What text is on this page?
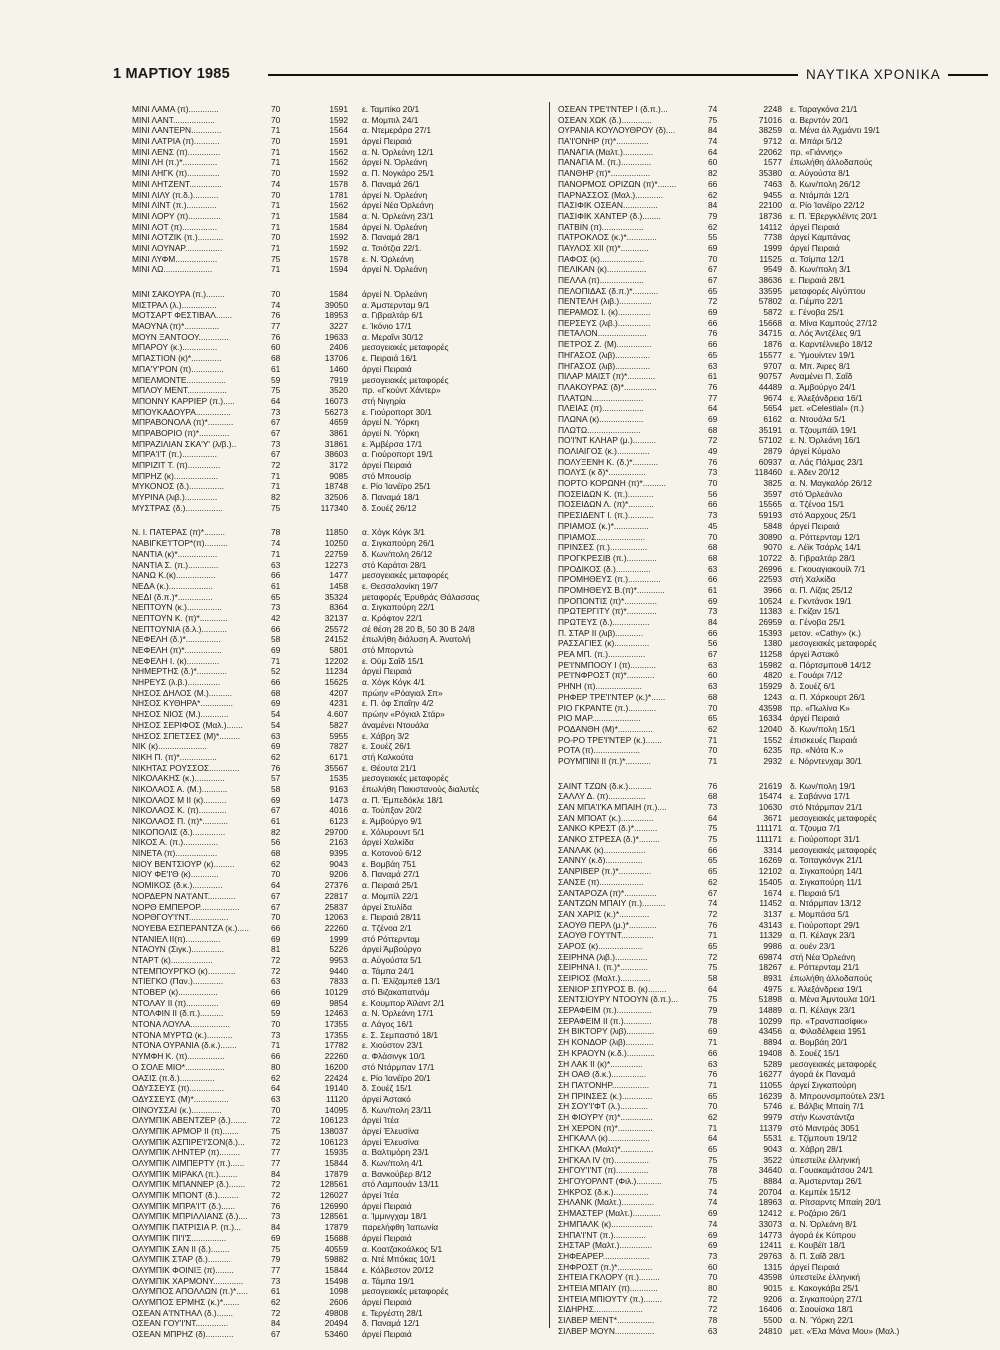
1 ΜΑΡΤΙΟΥ 1985	ΝΑΥΤΙΚΑ ΧΡΟΝΙΚΑ
ΜΙΝΙ ΛΑΜΑ (π).............	70	1591 ε. Ταμπίκο 20/1
ΜΙΝΙ ΛΑΝΤ..................	70	1592 α. Μομπιλ 24/1
ΜΙΝΙ ΛΑΝΤΕΡΝ.............	71	1564 α. Ντεμεράρα 27/1
ΜΙΝΙ ΛΑΤΡΙΑ (π)...........	70	1591 άργεί Πειραιά
ΜΙΝΙ ΛΕΝΣ (π)..............	71	1562 α. Ν. Όρλεάνη 12/1
ΜΙΝΙ ΛΗ (π.)*...............	71	1562 άργεί Ν. Όρλεάνη
ΜΙΝΙ ΛΗΓΚ (π)..............	70	1592 α. Π. Νογκάρο 25/1
ΜΙΝΙ ΛΗΤΖΕΝΤ..............	74	1578 δ. Παναμά 26/1
ΜΙΝΙ ΛΙΛΥ (π.δ.)...........	70	1781 άργεί Ν. Όρλεάνη
ΜΙΝΙ ΛΙΝΤ (π.).............	71	1562 άργεί Νέα Όρλεάνη
ΜΙΝΙ ΛΟΡΥ (π)..............	71	1584 α. Ν. Όρλεάνη 23/1
ΜΙΝΙ ΛΟΤ (π)...............	71	1584 άργεί Ν. Όρλεάνη
ΜΙΝΙ ΛΟΤΖΙΚ (π.)...........	70	1592 δ. Παναμά 28/1
ΜΙΝΙ ΛΟΥΝΑΡ................	71	1592 α. Τσιότζια 22/1.
ΜΙΝΙ ΛΥΦΜ..................	75	1578 ε. Ν. Όρλεάνη
ΜΙΝΙ ΛΩ.....................	71	1594 άργεί Ν. Όρλεάνη
ΜΙΝΙ ΣΑΚΟΥΡΑ (π.)........	70	1584 άργεί Ν. Όρλεάνη
ΜΙΣΤΡΑΛ (λ.)...............	74	39050 α. Άμστερνταμ 9/1
ΜΟΤΣΑΡΤ ΦΕΣΤΙΒΑΛ.......	76	18953 α. Γιβραλτάρ 6/1
ΜΑΟΥΝΑ (π)*...............	77	3227 ε. Ίκόνιο 17/1
ΜΟΥΝ ΞΑΝΤΟΟΥ.............	76	19633 α. Μεραΐνι 30/12
ΜΠΑΡΟΥ (κ.)...............	60	2406 μεσογειακές μεταφορές
ΜΠΑΣΤΙΟΝ (κ)*.............	68	13706 ε. Πειραιά 16/1
ΜΠΑ'Υ'ΡΟΝ (π)..............	61	1460 άργεί Πειραιά
ΜΠΕΛΜΟΝΤΕ.................	59	7919 μεσογειακές μεταφορές
ΜΠΛΟΥ ΜΕΝΤ.................	75	3520 πρ. «Γκούντ Χάντερ»
ΜΠΟΝΝΥ ΚΑΡΡΙΕΡ (π.).....	64	16073 στή Νιγηρία
ΜΠΟΥΚΑΔΟΥΡΑ...............	73	56273 ε. Γιούροπορτ 30/1
ΜΠΡΑΒΟΝΟΛΑ (π)*...........	67	4659 άργεί Ν. Ύόρκη
ΜΠΡΑΒΟΡΙΟ (π)*.............	67	3861 άργεί Ν. Ύόρκη
ΜΠΡΑΖΙΛΙΑΝ ΣΚΑ'Υ' (λ/β.)..	73	31861 ε. Άμβέρσα 17/1
ΜΠΡΑ'Ι'Τ (π.)...............	67	38603 α. Γιούροπορτ 19/1
ΜΠΡΙΖΙΤ Τ. (π)..............	72	3172 άργεί Πειραιά
ΜΠΡΗΖ (κ)...................	71	9085 στό Μπουσίρ
ΜΥΚΟΝΟΣ (δ.)...............	71	18748 ε. Ρίο Ίανέϊρο 25/1
ΜΥΡΙΝΑ (λιβ.)..............	82	32506 δ. Παναμά 18/1
ΜΥΣΤΡΑΣ (δ.)................	75	117340 δ. Σουέζ 26/12
Ν. Ι. ΠΑΤΕΡΑΣ (π)*.........	78	11850 α. Χόγκ Κόγκ 3/1
ΝΑΒΙΓΚΕ'Ι'ΤΟΡ*(π)..........	74	10250 α. Σιγκαπούρη 26/1
ΝΑΝΤΙΑ (κ)*.................	71	22759 δ. Κων/πολη 26/12
ΝΑΝΤΙΑ Σ. (π.).............	63	12273 στό Καράτσι 28/1
ΝΑΝΩ Κ.(κ).................	66	1477 μεσογειακές μεταφορές
ΝΕΔΑ (κ.)...................	61	1458 ε. Θεσσαλονίκη 19/7
ΝΕΔΙ (δ.π.)*...............	65	35324 μεταφορές Έρυθράς Θάλασσας
ΝΕΠΤΟΥΝ (κ.)...............	73	8364 α. Σιγκαπούρη 22/1
ΝΕΠΤΟΥΝ Κ. (π)*............	42	32137 α. Κρόφτον 22/1
ΝΕΠΤΟΥΝΙΑ (δ.λ.)...........	66	25572 σέ θέση 28 20 Β, 50 30 Β 24/8
ΝΕΦΕΛΗ (δ.)*...............	58	24152 έπωλήθη διάλυση Α. Άνατολή
ΝΕΦΕΛΗ (π)*................	69	5801 στό Μπορντώ
ΝΕΦΕΛΗ Ι. (κ)..............	71	12202 ε. Οϋμ Σαΐδ 15/1
ΝΗΜΕΡΤΗΣ (δ.)*.............	52	11234 άργεί Πειραιά
ΝΗΡΕΥΣ (λ.β.)..............	66	15625 α. Χόγκ Κόγκ 4/1
ΝΗΣΟΣ ΔΗΛΟΣ (Μ.)..........	68	4207 πρώην «Ρόαγιαλ Σπ»
ΝΗΣΟΣ ΚΥΘΗΡΑ*..............	69	4231 ε. Π. όφ Σπαΐην 4/2
ΝΗΣΟΣ ΝΙΟΣ (Μ.)............	54	4.607 πρώην «Ρόγιαλ Στάρ»
ΝΗΣΟΣ ΣΕΡΙΦΟΣ (Μαλ.).......	54	5827 άναμένει Ντουάλα
ΝΗΣΟΣ ΣΠΕΤΣΕΣ (Μ)*.........	63	5955 ε. Χάβρη 3/2
ΝΙΚ (κ).....................	69	7827 ε. Σουέζ 26/1
ΝΙΚΗ Π. (π)*................	62	6171 στή Καλκούτα
ΝΙΚΗΤΑΣ ΡΟΥΣΣΟΣ.............	76	35567 ε. Θέουτα 21/1
ΝΙΚΟΛΑΚΗΣ (κ.).............	57	1535 μεσογειακές μεταφορές
ΝΙΚΟΛΑΟΣ Α. (Μ.)...........	58	9163 έπωλήθη Πακιστανούς διαλυτές
ΝΙΚΟΛΑΟΣ Μ ΙΙ (κ)..........	69	1473 α. Π. Έμπεδόκλε 18/1
ΝΙΚΟΛΑΟΣ Κ. (π)............	67	4016 α. Τούπξαν 20/2
ΝΙΚΟΛΑΟΣ Π. (π)*...........	61	6123 ε. Άμβούργο 9/1
ΝΙΚΟΠΟΛΙΣ (δ.)..............	82	29700 ε. Χόλυρουντ 5/1
ΝΙΚΟΣ Α. (π.)...............	56	2163 άργεί Χαλκίδα
ΝΙΝΕΤΑ (π)..................	68	9395 α. Κοτονού 6/12
ΝΙΟΥ ΒΕΝΤΣΙΟΥΡ (κ).........	62	9043 ε. Βομβάη 751
ΝΙΟΥ ΦΕ'Ι'Θ (κ)............	70	9206 δ. Παναμά 27/1
ΝΟΜΙΚΟΣ (δ.κ.).............	64	27376 α. Πειραιά 25/1
ΝΟΡΔΕΡΝ ΝΑ'Ι'ΑΝΤ............	67	22817 α. Μομπίλ 22/1
ΝΟΡΘ ΕΜΠΕΡΟΡ.................	67	25837 άργεί Στυλίδα
ΝΟΡΘΓΟΥ'Ι'ΝΤ.................	70	12063 ε. Πειραιά 28/11
ΝΟΥΕΒΑ ΕΣΠΕΡΑΝΤΖΑ (κ.).....	66	22260 α. Τζένοα 2/1
ΝΤΑΝΙΕΛ ΙΙ(π)...............	69	1999 στό Ρόττερνταμ
ΝΤΑΟΥΝ (Σιγκ.)..............	81	5226 άργεί Άμβούργο
ΝΤΑΡΤ (κ)..................	72	9953 α. Αύγούστα 5/1
ΝΤΕΜΠΟΥΡΓΚΟ (κ)............	72	9440 α. Τάμπα 24/1
ΝΤΙΕΓΚΟ (Παν.).............	63	7833 α. Π. Έλίζαμπεθ 13/1
ΝΤΟΒΕΡ (κ).................	66	10129 στό Βιζακαπατνάμ
ΝΤΟΛΑΥ ΙΙ (π)..............	69	9854 ε. Κουμπορ Άϊλαντ 2/1
ΝΤΟΛΦΙΝ ΙΙ (δ.π.)..........	59	12463 α. Ν. Όρλεάνη 17/1
ΝΤΟΝΑ ΛΟΥΛΑ.................	70	17355 α. Λάγος 16/1
ΝΤΟΝΑ ΜΥΡΤΩ (κ.)...........	73	17355 ε. Σ. Σεμπαστιό 18/1
ΝΤΟΝΑ ΟΥΡΑΝΙΑ (δ.κ.).......	71	17782 ε. Χιούστον 23/1
ΝΥΜΦΗ Κ. (π)................	66	22260 α. Φλάσινγκ 10/1
Ο ΣΟΛΕ ΜΙΟ*.................	80	16200 στό Ντάρμπαν 17/1
ΟΑΣΙΣ (π.δ.)...............	62	22424 ε. Ρίο Ίανέϊρο 20/1
ΟΔΥΣΣΕΥΣ (π)...............	64	19140 δ. Σουέζ 15/1
ΟΔΥΣΣΕΥΣ (Μ)*...............	63	11120 άργεί Άστακό
ΟΙΝΟΥΣΣΑΙ (κ.).............	70	14095 δ. Κων/πολη 23/11
ΟΛΥΜΠΙΚ ΑΒΕΝΤΖΕΡ (δ.).......	72	106123 άργεί Ίτέα
ΟΛΥΜΠΙΚ ΑΡΜΟΡ ΙΙ (π).......	75	138037 άργεί Έλευσίνα
ΟΛΥΜΠΙΚ ΑΣΠΙΡΕ'Ι'ΣΟΝ(δ.)...	72	106123 άργεί Έλευσίνα
ΟΛΥΜΠΙΚ ΛΗΝΤΕΡ (π).........	77	15935 α. Βαλτιμόρη 23/1
ΟΛΥΜΠΙΚ ΛΙΜΠΕΡΤΥ (π.)......	77	15844 δ. Κων/πολη 4/1
ΟΛΥΜΠΙΚ ΜΙΡΑΚΛ (π.)........	84	17879 α. Βανκούβερ 8/12
ΟΛΥΜΠΙΚ ΜΠΑΝΝΕΡ (δ.).......	72	128561 στό Λαμπουάν 13/11
ΟΛΥΜΠΙΚ ΜΠΟΝΤ (δ.).........	72	126027 άργεί Ίτέα
ΟΛΥΜΠΙΚ ΜΠΡΑ'Ι'Τ (δ.)......	76	126990 άργεί Πειραιά
ΟΛΥΜΠΙΚ ΜΠΡΙΛΛΙΑΝΣ (δ.)....	73	128561 α. Ίμμινγχαμ 18/1
ΟΛΥΜΠΙΚ ΠΑΤΡΙΣΙΑ Ρ. (π.)...	84	17879 παρελήφθη Ίαπωνία
ΟΛΥΜΠΙΚ ΠΙ'Ι'Σ...............	69	15688 άργεί Πειραιά
ΟΛΥΜΠΙΚ ΣΑΝ ΙΙ (δ.)........	75	40559 α. Κοατζακοάλκος 5/1
ΟΛΥΜΠΙΚ ΣΤΑΡ (δ.)..........	79	59882 α. Ντέ Μπόκας 10/1
ΟΛΥΜΠΙΚ ΦΟΙΝΙΞ (π)........	77	15844 ε. Κόλβεστον 20/12
ΟΛΥΜΠΙΚ ΧΑΡΜΟΝΥ.............	73	15498 α. Τάμπα 19/1
ΟΛΥΜΠΟΣ ΑΠΟΛΛΩΝ (π.)*.....	61	1098 μεσογειακές μεταφορές
ΟΛΥΜΠΟΣ ΕΡΜΗΣ (κ.)*.......	62	2606 άργεί Πειραιά
ΟΣΕΑΝ Α'Ι'ΝΤΗΑΛ (δ.).......	72	49808 ε. Τεργέστη 28/1
ΟΣΕΑΝ ΓΟΥ'Ι'ΝΤ..............	84	20494 δ. Παναμά 12/1
ΟΣΕΑΝ ΜΠΡΗΖ (δ)............	67	53460 άργεί Πειραιά
ΟΣΕΑΝ ΤΡΕ'Ι'ΝΤΕΡ Ι (δ.π.)...	74	2248 ε. Ταραγκόνα 21/1
ΟΣΕΑΝ ΧΩΚ (δ.).............	75	71016 α. Βερντόν 20/1
ΟΥΡΑΝΙΑ ΚΟΥΛΟΥΘΡΟΥ (δ)....	84	38259 α. Μένα άλ Άχμάντι 19/1
ΠΑ'Ι'ΟΝΗΡ (π)*..............	74	9712 α. Μπάρι 5/12
ΠΑΝΑΓΙΑ (Μαλτ.).............	64	22062 πρ. «Γιάννης»
ΠΑΝΑΓΙΑ Μ. (π.).............	60	1577 έπωλήθη άλλοδαπούς
ΠΑΝΘΗΡ (π)*.................	82	35380 α. Αύγούστα 8/1
ΠΑΝΟΡΜΟΣ ΟΡΙΖΩΝ (π)*........	66	7463 δ. Κων/πολη 26/12
ΠΑΡΝΑΣΣΟΣ (Μαλ.)............	62	9455 α. Ντάμπάι 12/1
ΠΑΣΙΦΙΚ ΟΣΕΑΝ...............	84	22100 α. Ρίο Ίανέϊρο 22/12
ΠΑΣΙΦΙΚ ΧΑΝΤΕΡ (δ.)........	79	18736 ε. Π. Έβεργκλέϊντς 20/1
ΠΑΤΒΙΝ (π)..................	62	14112 άργεί Πειραιά
ΠΑΤΡΟΚΛΟΣ (κ.)*.............	55	7738 άργεί Καμπάνας
ΠΑΥΛΟΣ XII (π)*............	69	1999 άργεί Πειραιά
ΠΑΦΟΣ (κ)...................	70	11525 α. Τσίμπα 12/1
ΠΕΛΙΚΑΝ (κ).................	67	9549 δ. Κων/πολη 3/1
ΠΕΛΛΑ (π)...................	67	38636 ε. Πειραιά 28/1
ΠΕΛΟΠΙΔΑΣ (δ.π.)*...........	65	33595 μεταφορές Αίγύπτου
ΠΕΝΤΕΛΗ (λιβ.)..............	72	57802 α. Γιέμπο 22/1
ΠΕΡΑΜΟΣ Ι. (κ)..............	69	5872 ε. Γένοβα 25/1
ΠΕΡΣΕΥΣ (λιβ.)..............	66	15668 α. Μίνα Καμπούς 27/12
ΠΕΤΑΛΟΝ.....................	76	34715 α. Λός Άντζέλες 9/1
ΠΕΤΡΟΣ Ζ. (Μ)...............	66	1876 α. Καρντέλνιεβο 18/12
ΠΗΓΑΣΟΣ (λιβ)...............	65	15577 ε. Ύμουίντεν 19/1
ΠΗΓΑΣΟΣ (λιβ)...............	63	9707 α. Μπ. Άιρες 8/1
ΠΙΛΑΡ ΜΑΙΣΤ (π)*............	61	90757 Αναμένει Π. Σαΐδ
ΠΛΑΚΟΥΡΑΣ (δ)*..............	76	44489 α. Άμβούργο 24/1
ΠΛΑΤΩΝ......................	77	9674 ε. Άλεξάνδρεια 16/1
ΠΛΕΙΑΣ (π)..................	64	5654 μετ. «Celestial» (π.)
ΠΛΩΝΑ (κ)...................	69	6162 α. Ντουάλα 5/1
ΠΛΩΤΩ.......................	68	35191 α. Τζουμπάϊλ 19/1
ΠΟ'Ι'ΝΤ ΚΛΗΑΡ (μ.)..........	72	57102 ε. Ν. Όρλεάνη 16/1
ΠΟΛΙΑΙΓΟΣ (κ.)..............	49	2879 άργεί Κύμαλο
ΠΟΛΥΞΕΝΗ Κ. (δ.)*...........	76	60937 α. Λάς Πάλμας 23/1
ΠΟΛΥΣ (κ δ)*................	73	118460 ε. Άδεν 20/12
ΠΟΡΤΟ ΚΟΡΩΝΗ (π)*..........	70	3825 α. Ν. Μαγκαλόρ 26/12
ΠΟΣΕΙΔΩΝ Κ. (π.)...........	56	3597 στό Όρλεάνλο
ΠΟΣΕΙΔΩΝ Λ. (π)*...........	66	15565 α. Τζένοα 15/1
ΠΡΕΣΙΔΕΝΤ Ι. (π.)...........	73	59193 στό Άαρχους 25/1
ΠΡΙΑΜΟΣ (κ.)*...............	45	5848 άργεί Πειραιά
ΠΡΙΑΜΟΣ.....................	70	30890 α. Ρόττερνταμ 12/1
ΠΡΙΝΣΕΣ (π.)................	68	9070 ε. Λέϊκ Τσάρλς 14/1
ΠΡΟΓΚΡΕΣΙΒ (π.).............	68	10722 δ. Γιβραλτάρ 28/1
ΠΡΟΔΙΚΟΣ (δ.)...............	63	26996 ε. Γκουαγιακουίλ 7/1
ΠΡΟΜΗΘΕΥΣ (π.)..............	66	22593 στή Χαλκίδα
ΠΡΟΜΗΘΕΥΣ Β.(π)*............	61	3966 α. Π. Λίζας 25/12
ΠΡΟΠΟΝΤΙΣ (π)*..............	69	10524 ε. Γκντάνσκ 19/1
ΠΡΩΤΕΡΓΙΤΥ (π)*.............	73	11383 ε. Γκίζαν 15/1
ΠΡΩΤΕΥΣ (δ.)................	84	26959 α. Γένοβα 25/1
Π. ΣΤΑΡ ΙΙ (λιβ)............	66	15393 μετον. «Cathy» (κ.)
ΡΑΣΣΑΓΙΕΣ (κ)...............	56	1380 μεσογειακές μεταφορές
ΡΕΑ ΜΠ. (π.)................	67	11258 άργεί Άστακό
ΡΕ'Ι'ΝΜΠΟΟΥ Ι (π)...........	63	15982 α. Πόρτσμπουθ 14/12
ΡΕ'Ι'ΝΦΡΟΣΤ (π)*............	60	4820 ε. Γουάρι 7/12
ΡΗΝΗ (π)....................	63	15929 δ. Σουέζ 6/1
ΡΗΦΕΡ ΤΡΕ'Ι'ΝΤΕΡ (κ.)*......	68	1243 α. Π. Χάρκουρτ 26/1
ΡΙΟ ΓΚΡΑΝΤΕ (π.)............	70	43598 πρ. «Πωλίνα Κ»
ΡΙΟ ΜΑΡ.....................	65	16334 άργεί Πειραιά
ΡΟΔΑΝΘΗ (Μ)*...............	62	12040 δ. Κων/πολη 15/1
ΡΟ-ΡΟ ΤΡΕ'Ι'ΝΤΕΡ (κ.).......	71	1552 έπισκευές Πειραιά
ΡΟΤΑ (π)....................	70	6235 πρ. «Νότα Κ.»
ΡΟΥΜΠΙΝΙ ΙΙ (π.)*...........	71	2932 ε. Νόρντενχαμ 30/1
ΣΑΙΝΤ ΤΖΩΝ (δ.κ.)..........	76	21619 δ. Κων/πολη 19/1
ΣΑΛΛΥ Δ. (π)................	68	15474 ε. Σαβάννα 17/1
ΣΑΝ ΜΠΑ'Ι'ΚΑ ΜΠΑΙΗ (π.)....	73	10630 στό Ντάρμπαν 21/1
ΣΑΝ ΜΠΟΑΤ (κ.)..............	64	3671 μεσογειακές μεταφορές
ΣΑΝΚΟ ΚΡΕΣΤ (δ.)*..........	75	111171 α. Τζουμα 7/1
ΣΑΝΚΟ ΣΤΡΕΣΑ (δ.)*.........	75	111171 ε. Γιούροπορτ 31/1
ΣΑΝΛΑΚ (κ)..................	66	3314 μεσογειακές μεταφορές
ΣΑΝΝΥ (κ.δ)................	65	16269 α. Τσιταγκόνγκ 21/1
ΣΑΝΡΙΒΕΡ (π.)*..............	65	12102 α. Σιγκαπούρη 14/1
ΣΑΝΣΕ (π)...................	62	15405 α. Σιγκαπούρη 11/1
ΣΑΝΤΑΡΟΖΑ (π)*..............	67	1674 ε. Πειραιά 5/1
ΣΑΝΤΖΩΝ ΜΠΑΙΥ (π.)..........	74	11452 α. Ντάρμπαν 13/12
ΣΑΝ ΧΑΡΙΣ (κ.)*.............	72	3137 ε. Μομπάσα 5/1
ΣΑΟΥΘ ΠΕΡΛ (μ.)*............	76	43143 ε. Γιούροπορτ 29/1
ΣΑΟΥΘ ΓΟΥ'Ι'ΝΤ..............	71	11329 α. Π. Κέλαγκ 23/1
ΣΑΡΟΣ (κ)...................	65	9986 α. ουέν 23/1
ΣΕΙΡΗΝΑ (λιβ.)..............	72	69874 στή Νέα Όρλεάνη
ΣΕΙΡΗΝΑ Ι. (π.)*............	75	18267 ε. Ρόττερνταμ 21/1
ΣΕΙΡΙΟΣ (Μαλτ.).............	58	8931 έπωλήθη άλλοδαπούς
ΣΕΝΙΟΡ ΣΠΥΡΟΣ Β. (κ)........	64	4975 ε. Άλεξάνδρεια 19/1
ΣΕΝΤΣΙΟΥΡΥ ΝΤΟΟΥΝ (δ.π.)...	75	51898 α. Μένα Άμντουλα 10/1
ΣΕΡΑΦΕΙΜ (π.)...............	79	14889 α. Π. Κέλαγκ 23/1
ΣΕΡΑΦΕΙΜ ΙΙ (π.)............	78	10299 πρ. «Τρανσπασίφικ»
ΣΗ ΒΙΚΤΟΡΥ (λιβ)............	69	43456 α. Φιλαδέλφεια 1951
ΣΗ ΚΟΝΔΟΡ (λιβ)............	71	8894 α. Βομβάη 20/1
ΣΗ ΚΡΑΟΥΝ (κ.δ.)............	66	19408 δ. Σουέζ 15/1
ΣΗ ΛΑΚ ΙΙ (κ)*..............	63	5289 μεσογειακές μεταφορές
ΣΗ ΟΑΘ (δ.κ.)...............	76	16277 άγορά έκ Παναμά
ΣΗ ΠΑ'Ι'ΟΝΗΡ................	71	11055 άργεί Σιγκαπούρη
ΣΗ ΠΡΙΝΣΕΣ (κ.).............	65	16239 δ. Μπρουνσμπούτελ 23/1
ΣΗ ΣΟΥ'Ι'ΦΤ (λ.)............	70	5746 ε. Βάλβις Μπαίη 7/1
ΣΗ ΦΙΟΥΡΥ (π)*..............	62	9979 στήν Κωνστάντζα
ΣΗ ΧΕΡΟΝ (π)*...............	71	11379 στό Μαντράς 3051
ΣΗΓΚΑΛΛ (κ)..................	64	5531 ε. Τζίμπουτι 19/12
ΣΗΓΚΑΛ (Μαλτ)*..............	65	9043 α. Χάβρη 28/1
ΣΗΓΚΑΛ IV (π)...............	75	3522 ύπεστείλε έλληνική
ΣΗΓΟΥ'Ι'ΝΤ (π)..............	78	34640 α. Γουακαμάτσου 24/1
ΣΗΓΟΥΟΡΛΝΤ (Φιλ.)...........	75	8884 α. Άμστερνταμ 26/1
ΣΗΚΡΟΣ (δ.κ.)...............	74	20704 α. Κεμπέκ 15/12
ΣΗΛΑΝΚ (Μαλτ.)..............	74	18963 α. Ρίτσαρντς Μπαίη 20/1
ΣΗΜΑΣΤΕΡ (Μαλτ.)............	69	12412 ε. Ροζάριο 26/1
ΣΗΜΠΑΛΚ (κ)..................	74	33073 α. Ν. Όρλεάνη 8/1
ΣΗΠΑ'Ι'ΝΤ (π.)..............	69	14773 άγορά έκ Κύπρου
ΣΗΣΤΑΡ (Μαλτ.)..............	69	12411 ε. Κουβέϊτ 18/1
ΣΗΦΕΑΡΕΡ....................	73	29763 δ. Π. Σαΐδ 28/1
ΣΗΦΡΟΣΤ (π.)*...............	60	1315 άργεί Πειραιά
ΣΗΤΕΙΑ ΓΚΛΟΡΥ (π.).........	70	43598 ύπεστείλε έλληνική
ΣΗΤΕΙΑ ΜΠΑΙΥ (π)............	80	9015 ε. Κακογκάβα 25/1
ΣΗΤΕΙΑ ΜΠΙΟΥΤΥ (π.)........	72	9206 α. Σιγκαπούρη 27/1
ΣΙΔΗΡΗΣ.....................	72	16406 α. Σαουίσκα 18/1
ΣΙΛΒΕΡ ΜΕΝΤ*................	78	5500 α. Ν. Ύόρκη 22/1
ΣΙΛΒΕΡ ΜΟΥΝ.................	63	24810 μετ. «Έλα Μάνα Μου» (Μαλ.)
